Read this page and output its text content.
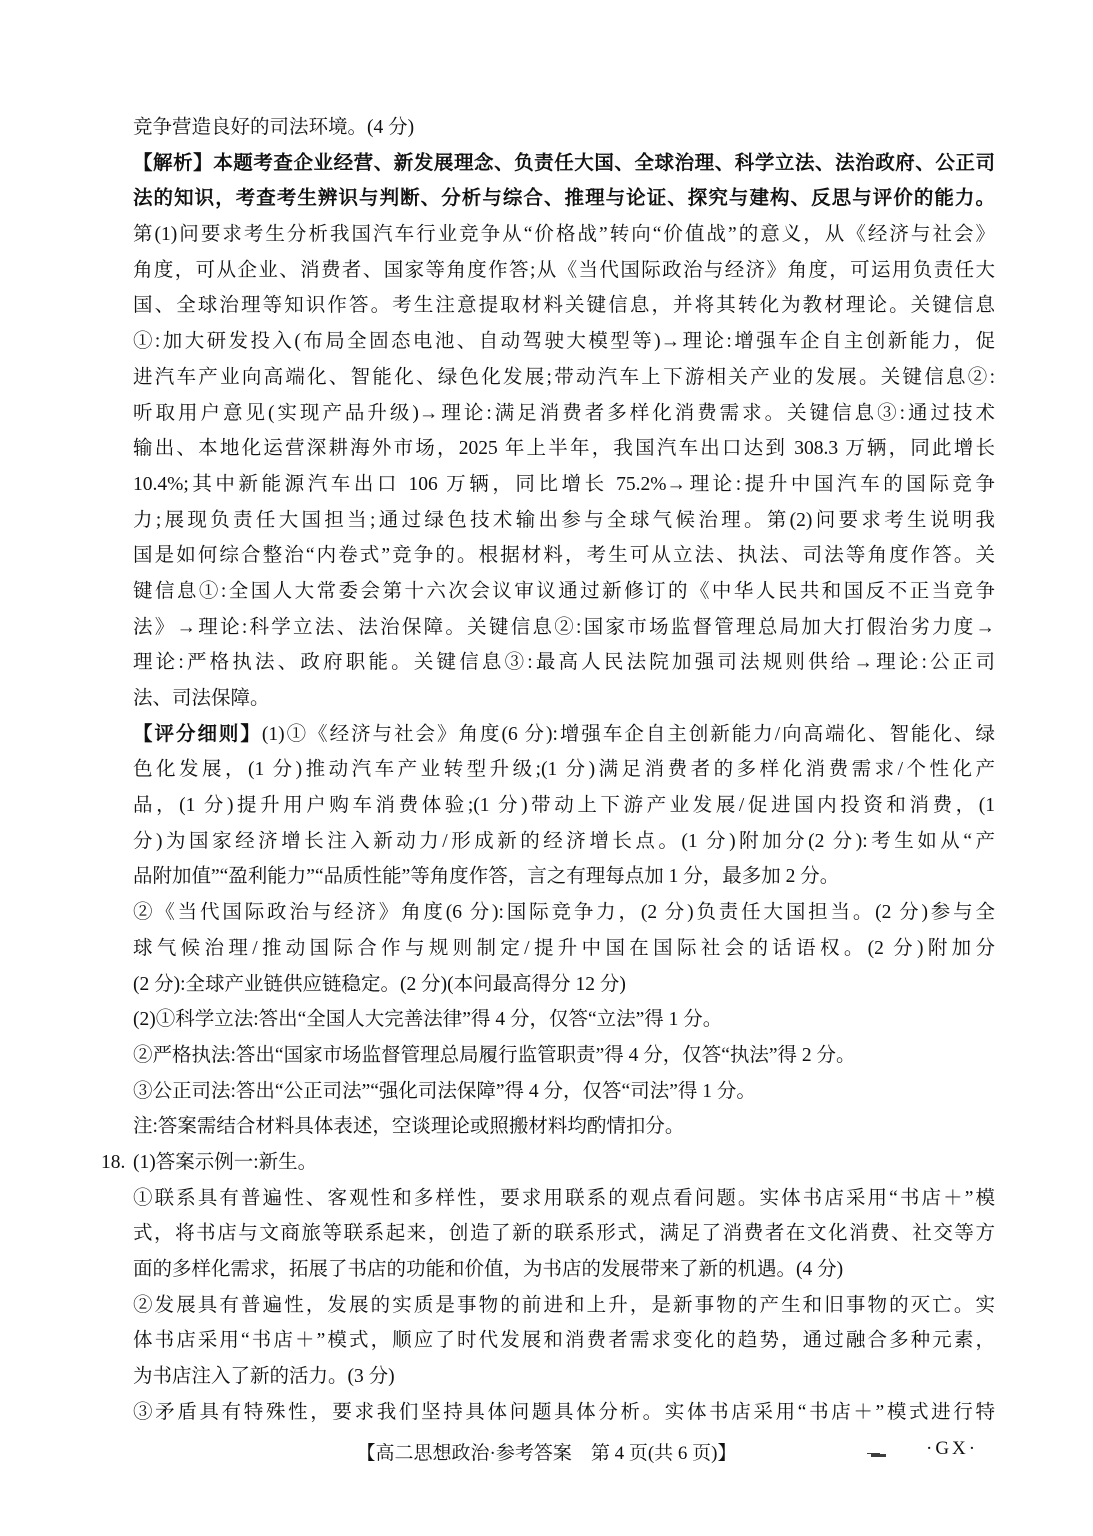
竞争营造良好的司法环境。(4 分)
【解析】本题考查企业经营、新发展理念、负责任大国、全球治理、科学立法、法治政府、公正司
法的知识，考查考生辨识与判断、分析与综合、推理与论证、探究与建构、反思与评价的能力。
第(1)问要求考生分析我国汽车行业竞争从“价格战”转向“价值战”的意义，从《经济与社会》
角度，可从企业、消费者、国家等角度作答;从《当代国际政治与经济》角度，可运用负责任大
国、全球治理等知识作答。考生注意提取材料关键信息，并将其转化为教材理论。关键信息
①:加大研发投入(布局全固态电池、自动驾驶大模型等)→理论:增强车企自主创新能力，促
进汽车产业向高端化、智能化、绿色化发展;带动汽车上下游相关产业的发展。关键信息②:
听取用户意见(实现产品升级)→理论:满足消费者多样化消费需求。关键信息③:通过技术
输出、本地化运营深耕海外市场，2025 年上半年，我国汽车出口达到 308.3 万辆，同此增长
10.4%;其中新能源汽车出口 106 万辆，同比增长 75.2%→理论:提升中国汽车的国际竞争
力;展现负责任大国担当;通过绿色技术输出参与全球气候治理。第(2)问要求考生说明我
国是如何综合整治“内卷式”竞争的。根据材料，考生可从立法、执法、司法等角度作答。关
键信息①:全国人大常委会第十六次会议审议通过新修订的《中华人民共和国反不正当竞争
法》→理论:科学立法、法治保障。关键信息②:国家市场监督管理总局加大打假治劣力度→
理论:严格执法、政府职能。关键信息③:最高人民法院加强司法规则供给→理论:公正司
法、司法保障。
【评分细则】(1)①《经济与社会》角度(6 分):增强车企自主创新能力/向高端化、智能化、绿
色化发展，(1 分)推动汽车产业转型升级;(1 分)满足消费者的多样化消费需求/个性化产
品，(1 分)提升用户购车消费体验;(1 分)带动上下游产业发展/促进国内投资和消费，(1
分)为国家经济增长注入新动力/形成新的经济增长点。(1 分)附加分(2 分):考生如从“产
品附加值”“盈利能力”“品质性能”等角度作答，言之有理每点加 1 分，最多加 2 分。
②《当代国际政治与经济》角度(6 分):国际竞争力，(2 分)负责任大国担当。(2 分)参与全
球气候治理/推动国际合作与规则制定/提升中国在国际社会的话语权。(2 分)附加分
(2 分):全球产业链供应链稳定。(2 分)(本问最高得分 12 分)
(2)①科学立法:答出“全国人大完善法律”得 4 分，仅答“立法”得 1 分。
②严格执法:答出“国家市场监督管理总局履行监管职责”得 4 分，仅答“执法”得 2 分。
③公正司法:答出“公正司法”“强化司法保障”得 4 分，仅答“司法”得 1 分。
注:答案需结合材料具体表述，空谈理论或照搬材料均酌情扣分。
18. (1)答案示例一:新生。
①联系具有普遍性、客观性和多样性，要求用联系的观点看问题。实体书店采用“书店＋”模
式，将书店与文商旅等联系起来，创造了新的联系形式，满足了消费者在文化消费、社交等方
面的多样化需求，拓展了书店的功能和价值，为书店的发展带来了新的机遇。(4 分)
②发展具有普遍性，发展的实质是事物的前进和上升，是新事物的产生和旧事物的灭亡。实
体书店采用“书店＋”模式，顺应了时代发展和消费者需求变化的趋势，通过融合多种元素，
为书店注入了新的活力。(3 分)
③矛盾具有特殊性，要求我们坚持具体问题具体分析。实体书店采用“书店＋”模式进行特
【高二思想政治·参考答案　第 4 页(共 6 页)】	·GX·
